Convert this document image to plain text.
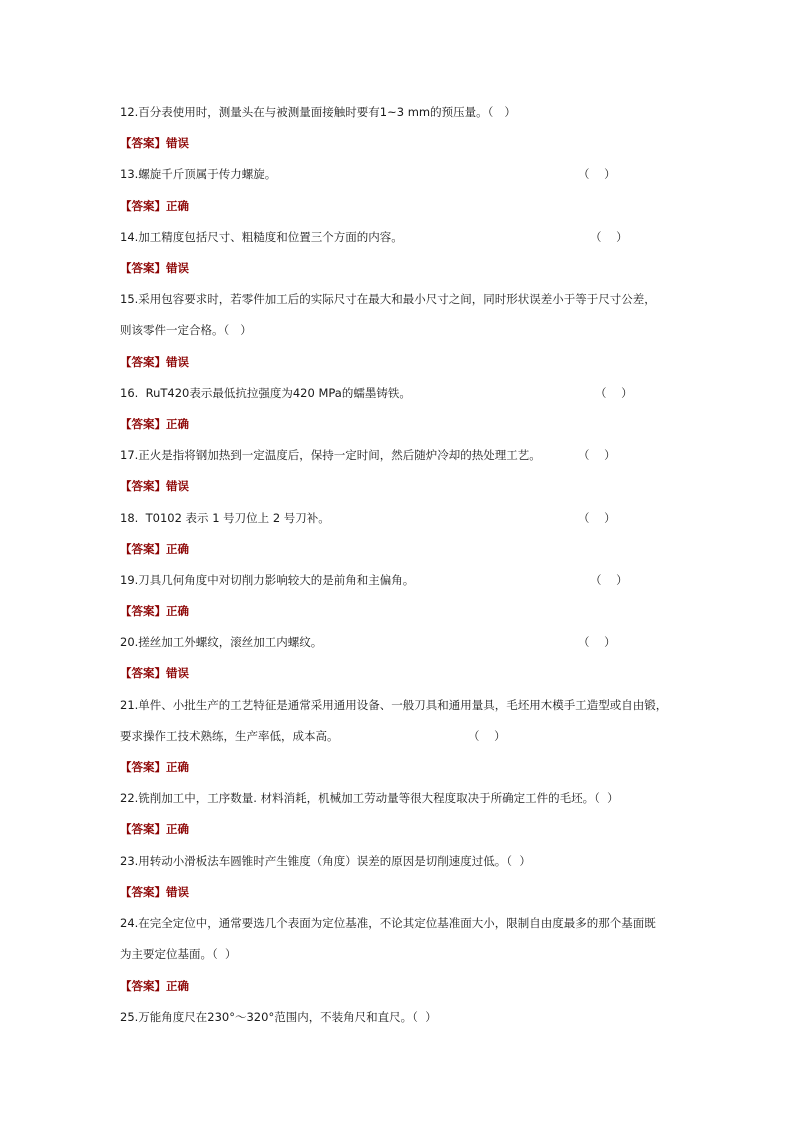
12.百分表使用时，测量头在与被测量面接触时要有1~3 mm的预压量。（   ）
【答案】错误
13.螺旋千斤顶属于传力螺旋。	（    ）
【答案】正确
14.加工精度包括尺寸、粗糙度和位置三个方面的内容。	（    ）
【答案】错误
15.采用包容要求时，若零件加工后的实际尺寸在最大和最小尺寸之间，同时形状误差小于等于尺寸公差，
则该零件一定合格。（   ）
【答案】错误
16.  RuT420表示最低抗拉强度为420 MPa的蠕墨铸铁。	（    ）
【答案】正确
17.正火是指将钢加热到一定温度后，保持一定时间，然后随炉冷却的热处理工艺。	（    ）
【答案】错误
18.  T0102 表示 1 号刀位上 2 号刀补。	（    ）
【答案】正确
19.刀具几何角度中对切削力影响较大的是前角和主偏角。	（    ）
【答案】正确
20.搓丝加工外螺纹，滚丝加工内螺纹。	（    ）
【答案】错误
21.单件、小批生产的工艺特征是通常采用通用设备、一般刀具和通用量具，毛坯用木模手工造型或自由锻，
要求操作工技术熟练，生产率低，成本高。	（    ）
【答案】正确
22.铣削加工中，工序数量. 材料消耗，机械加工劳动量等很大程度取决于所确定工件的毛坯。（  ）
【答案】正确
23.用转动小滑板法车圆锥时产生锥度（角度）误差的原因是切削速度过低。（  ）
【答案】错误
24.在完全定位中，通常要选几个表面为定位基准，不论其定位基准面大小，限制自由度最多的那个基面既
为主要定位基面。（  ）
【答案】正确
25.万能角度尺在230°～320°范围内，不装角尺和直尺。（  ）
